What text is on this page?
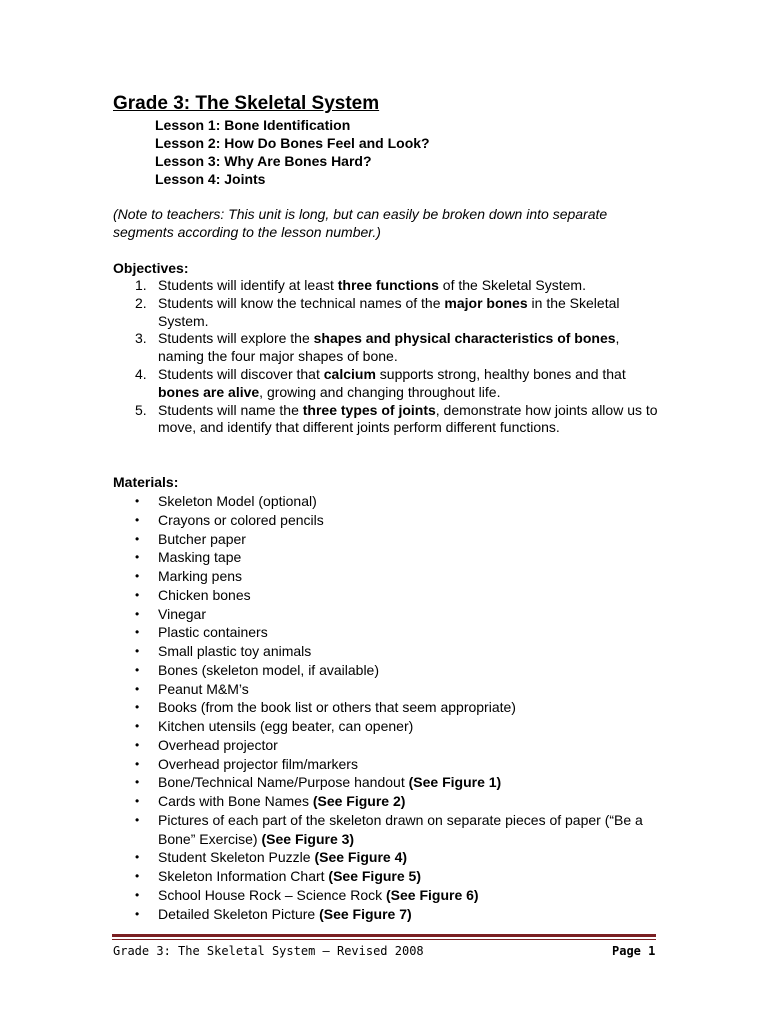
Grade 3: The Skeletal System
Lesson 1: Bone Identification
Lesson 2: How Do Bones Feel and Look?
Lesson 3: Why Are Bones Hard?
Lesson 4: Joints
(Note to teachers: This unit is long, but can easily be broken down into separate segments according to the lesson number.)
Objectives:
1. Students will identify at least three functions of the Skeletal System.
2. Students will know the technical names of the major bones in the Skeletal System.
3. Students will explore the shapes and physical characteristics of bones, naming the four major shapes of bone.
4. Students will discover that calcium supports strong, healthy bones and that bones are alive, growing and changing throughout life.
5. Students will name the three types of joints, demonstrate how joints allow us to move, and identify that different joints perform different functions.
Materials:
• Skeleton Model (optional)
• Crayons or colored pencils
• Butcher paper
• Masking tape
• Marking pens
• Chicken bones
• Vinegar
• Plastic containers
• Small plastic toy animals
• Bones (skeleton model, if available)
• Peanut M&M’s
• Books (from the book list or others that seem appropriate)
• Kitchen utensils (egg beater, can opener)
• Overhead projector
• Overhead projector film/markers
• Bone/Technical Name/Purpose handout (See Figure 1)
• Cards with Bone Names (See Figure 2)
• Pictures of each part of the skeleton drawn on separate pieces of paper (“Be a Bone” Exercise) (See Figure 3)
• Student Skeleton Puzzle (See Figure 4)
• Skeleton Information Chart (See Figure 5)
• School House Rock – Science Rock (See Figure 6)
• Detailed Skeleton Picture (See Figure 7)
Grade 3: The Skeletal System – Revised 2008	Page 1
